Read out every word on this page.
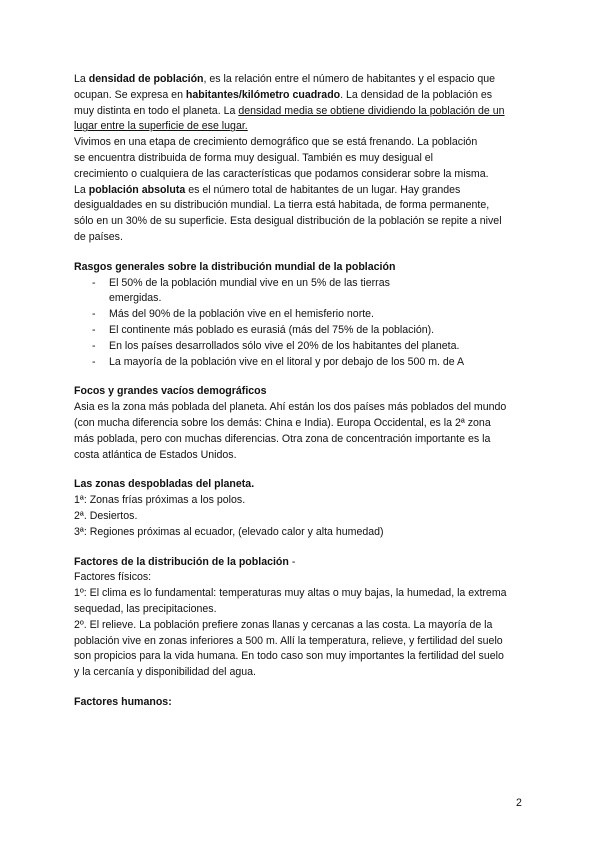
La densidad de población, es la relación entre el número de habitantes y el espacio que
ocupan. Se expresa en habitantes/kilómetro cuadrado. La densidad de la población es
muy distinta en todo el planeta. La densidad media se obtiene dividiendo la población de un
lugar entre la superficie de ese lugar.
Vivimos en una etapa de crecimiento demográfico que se está frenando. La población
se encuentra distribuida de forma muy desigual. También es muy desigual el
crecimiento o cualquiera de las características que podamos considerar sobre la misma.
La población absoluta es el número total de habitantes de un lugar. Hay grandes
desigualdades en su distribución mundial. La tierra está habitada, de forma permanente,
sólo en un 30% de su superficie. Esta desigual distribución de la población se repite a nivel
de países.
Rasgos generales sobre la distribución mundial de la población
- El 50% de la población mundial vive en un 5% de las tierras
emergidas.
- Más del 90% de la población vive en el hemisferio norte.
- El continente más poblado es eurasiá (más del 75% de la población).
- En los países desarrollados sólo vive el 20% de los habitantes del planeta.
- La mayoría de la población vive en el litoral y por debajo de los 500 m. de A
Focos y grandes vacíos demográficos
Asia es la zona más poblada del planeta. Ahí están los dos países más poblados del mundo
(con mucha diferencia sobre los demás: China e India). Europa Occidental, es la 2ª zona
más poblada, pero con muchas diferencias. Otra zona de concentración importante es la
costa atlántica de Estados Unidos.
Las zonas despobladas del planeta.
1ª: Zonas frías próximas a los polos.
2ª. Desiertos.
3ª: Regiones próximas al ecuador, (elevado calor y alta humedad)
Factores de la distribución de la población -
Factores físicos:
1º: El clima es lo fundamental: temperaturas muy altas o muy bajas, la humedad, la extrema
sequedad, las precipitaciones.
2º. El relieve. La población prefiere zonas llanas y cercanas a las costa. La mayoría de la
población vive en zonas inferiores a 500 m. Allí la temperatura, relieve, y fertilidad del suelo
son propicios para la vida humana. En todo caso son muy importantes la fertilidad del suelo
y la cercanía y disponibilidad del agua.
Factores humanos:
2
